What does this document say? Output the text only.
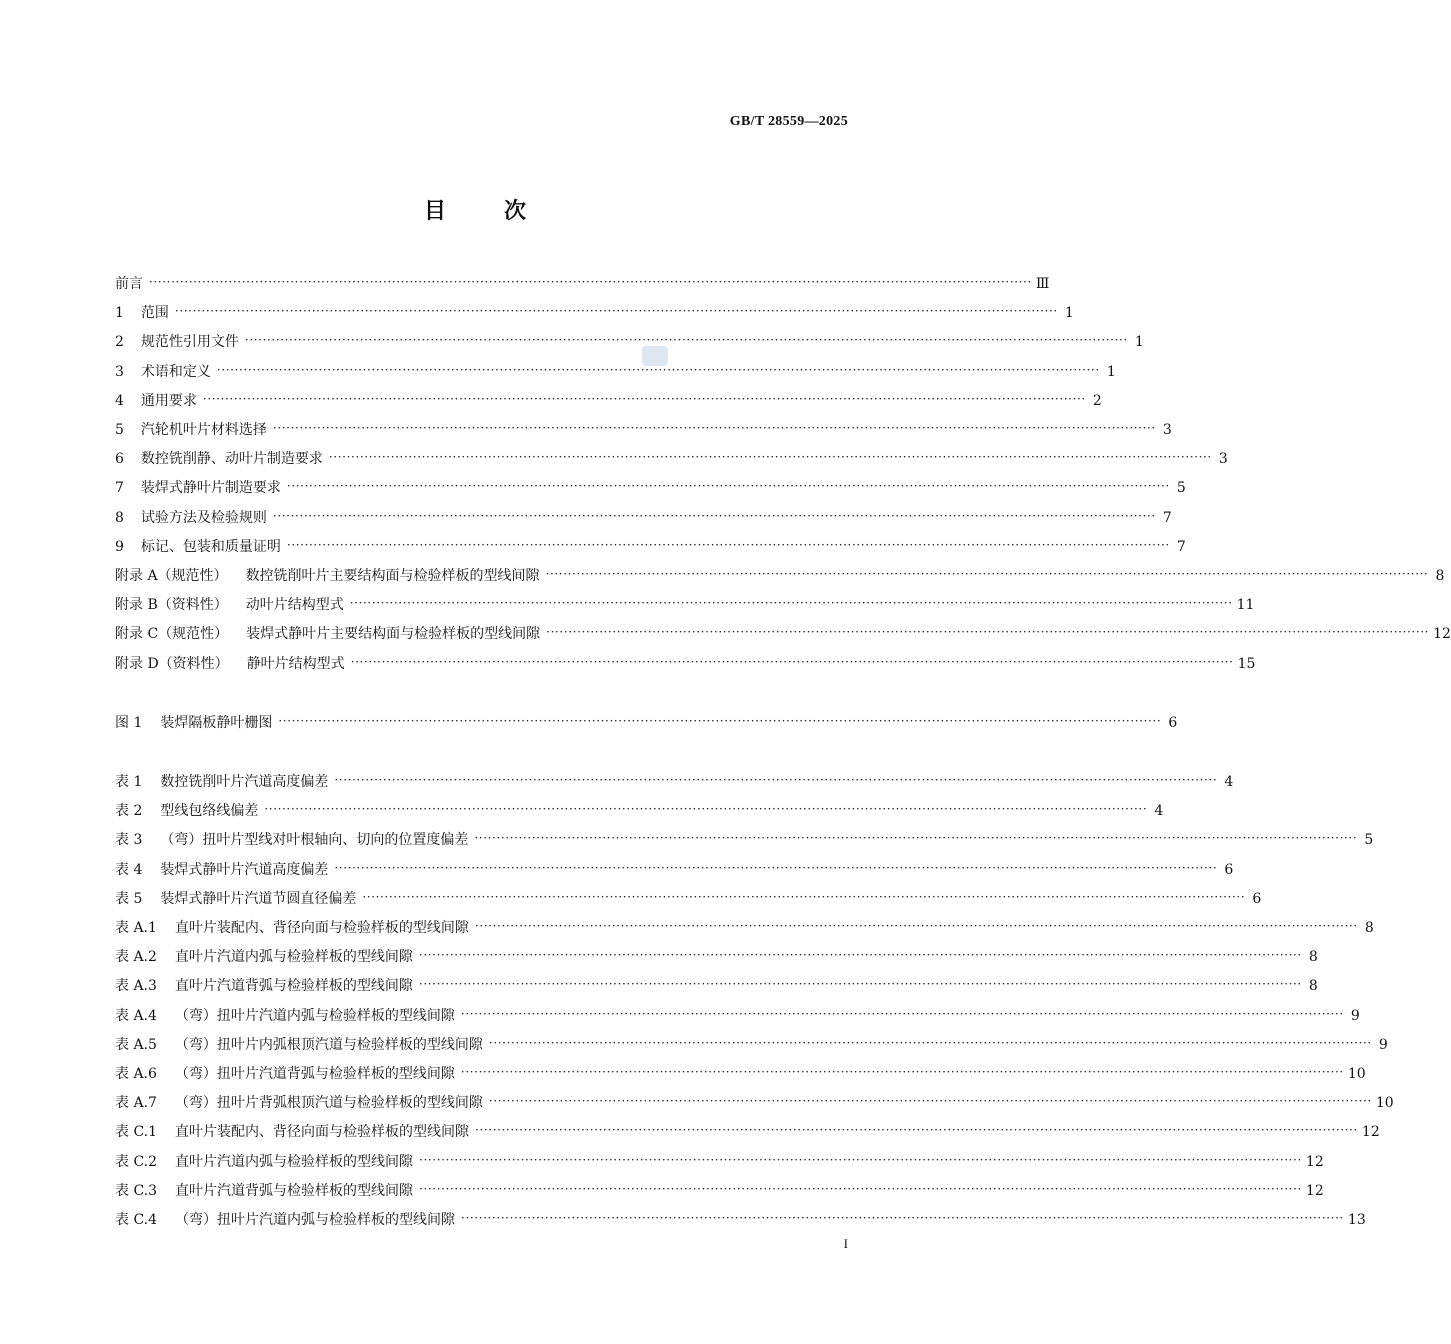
GB/T 28559—2025
目	次
前言 ········································································································································································································ Ⅲ
1 范围 ········································································································································································································ 1
2 规范性引用文件 ········································································································································································································ 1
3 术语和定义 ········································································································································································································ 1
4 通用要求 ········································································································································································································ 2
5 汽轮机叶片材料选择 ········································································································································································································ 3
6 数控铣削静、动叶片制造要求 ········································································································································································································ 3
7 装焊式静叶片制造要求 ········································································································································································································ 5
8 试验方法及检验规则 ········································································································································································································ 7
9 标记、包装和质量证明 ········································································································································································································ 7
附录 A（规范性） 数控铣削叶片主要结构面与检验样板的型线间隙 ········································································································································································································ 8
附录 B（资料性） 动叶片结构型式 ········································································································································································································ 11
附录 C（规范性） 装焊式静叶片主要结构面与检验样板的型线间隙 ········································································································································································································ 12
附录 D（资料性） 静叶片结构型式 ········································································································································································································ 15
图 1 装焊隔板静叶栅图 ········································································································································································································ 6
表 1 数控铣削叶片汽道高度偏差 ········································································································································································································ 4
表 2 型线包络线偏差 ········································································································································································································ 4
表 3 （弯）扭叶片型线对叶根轴向、切向的位置度偏差 ········································································································································································································ 5
表 4 装焊式静叶片汽道高度偏差 ········································································································································································································ 6
表 5 装焊式静叶片汽道节圆直径偏差 ········································································································································································································ 6
表 A.1 直叶片装配内、背径向面与检验样板的型线间隙 ········································································································································································································ 8
表 A.2 直叶片汽道内弧与检验样板的型线间隙 ········································································································································································································ 8
表 A.3 直叶片汽道背弧与检验样板的型线间隙 ········································································································································································································ 8
表 A.4 （弯）扭叶片汽道内弧与检验样板的型线间隙 ········································································································································································································ 9
表 A.5 （弯）扭叶片内弧根顶汽道与检验样板的型线间隙 ········································································································································································································ 9
表 A.6 （弯）扭叶片汽道背弧与检验样板的型线间隙 ········································································································································································································ 10
表 A.7 （弯）扭叶片背弧根顶汽道与检验样板的型线间隙 ········································································································································································································ 10
表 C.1 直叶片装配内、背径向面与检验样板的型线间隙 ········································································································································································································ 12
表 C.2 直叶片汽道内弧与检验样板的型线间隙 ········································································································································································································ 12
表 C.3 直叶片汽道背弧与检验样板的型线间隙 ········································································································································································································ 12
表 C.4 （弯）扭叶片汽道内弧与检验样板的型线间隙 ········································································································································································································ 13
I
